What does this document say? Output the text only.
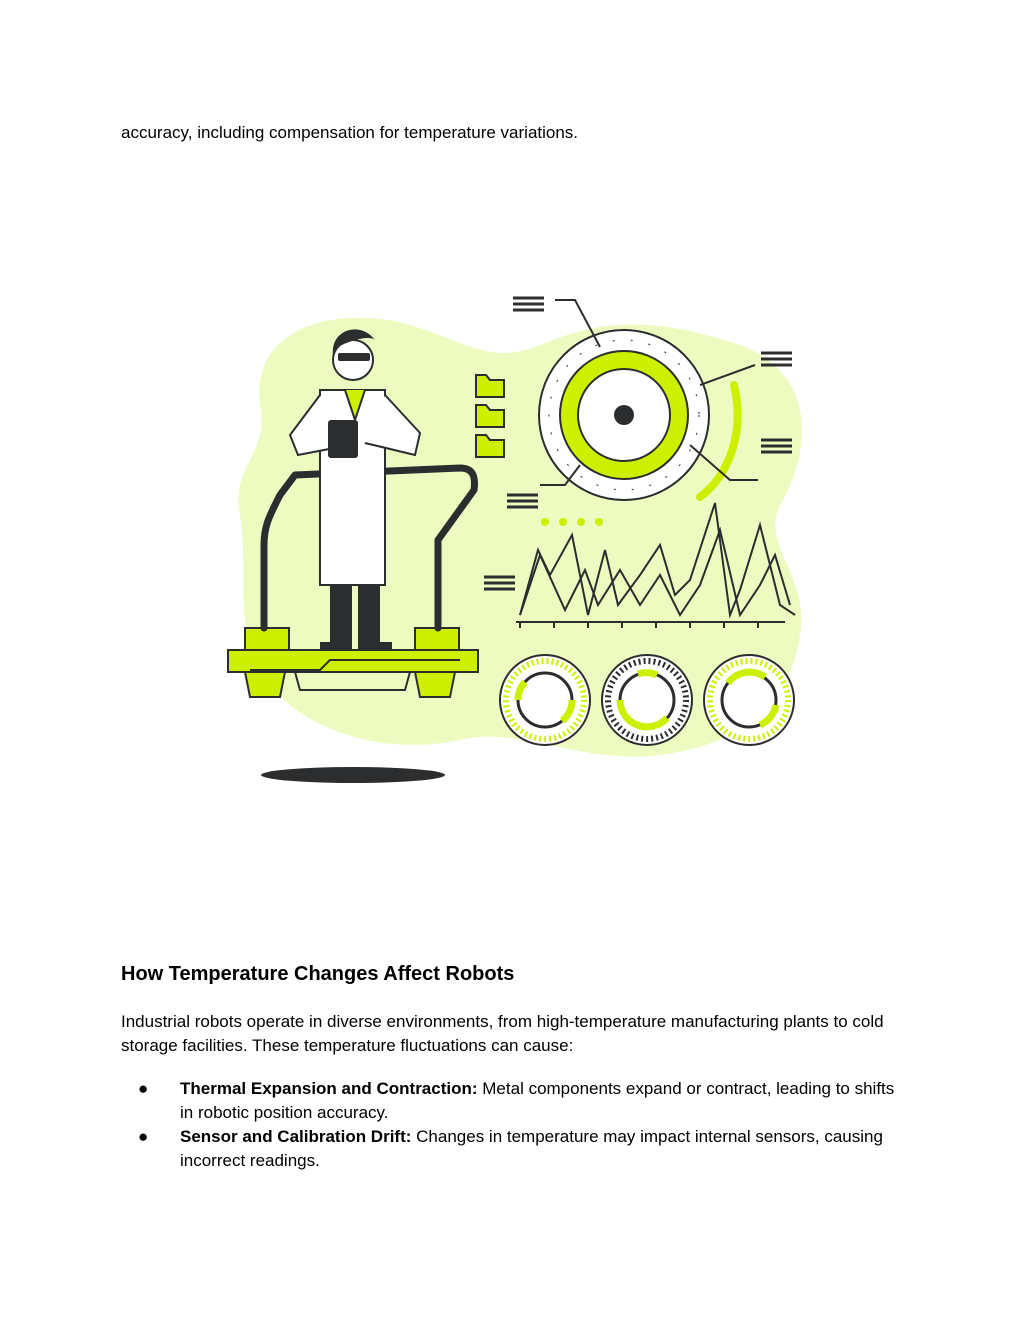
accuracy, including compensation for temperature variations.

How Temperature Changes Affect Robots

Industrial robots operate in diverse environments, from high-temperature manufacturing plants to cold storage facilities. These temperature fluctuations can cause:

● Thermal Expansion and Contraction: Metal components expand or contract, leading to shifts in robotic position accuracy.
● Sensor and Calibration Drift: Changes in temperature may impact internal sensors, causing incorrect readings.
